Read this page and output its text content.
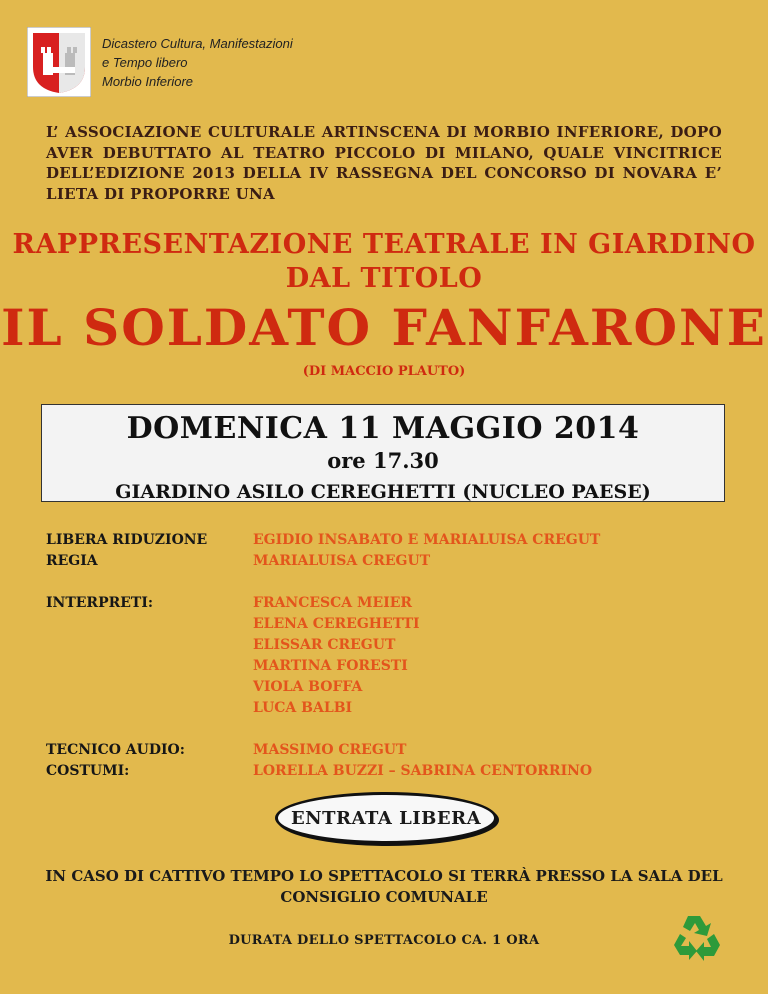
Dicastero Cultura, Manifestazioni
e Tempo libero
Morbio Inferiore
L’ ASSOCIAZIONE CULTURALE ARTINSCENA DI MORBIO INFERIORE, DOPO AVER DEBUTTATO AL TEATRO PICCOLO DI MILANO, QUALE VINCITRICE DELL’EDIZIONE 2013 DELLA IV RASSEGNA DEL CONCORSO DI NOVARA E’ LIETA DI PROPORRE UNA
RAPPRESENTAZIONE TEATRALE IN GIARDINO
DAL TITOLO
IL SOLDATO FANFARONE
(DI MACCIO PLAUTO)
DOMENICA 11 MAGGIO 2014
ore 17.30
GIARDINO ASILO CEREGHETTI (NUCLEO PAESE)
LIBERA RIDUZIONE	EGIDIO INSABATO E MARIALUISA CREGUT
REGIA	MARIALUISA CREGUT
INTERPRETI:	FRANCESCA MEIER
ELENA CEREGHETTI
ELISSAR CREGUT
MARTINA FORESTI
VIOLA BOFFA
LUCA BALBI
TECNICO AUDIO:	MASSIMO CREGUT
COSTUMI:	LORELLA BUZZI – SABRINA CENTORRINO
ENTRATA LIBERA
IN CASO DI CATTIVO TEMPO LO SPETTACOLO SI TERRÀ PRESSO LA SALA DEL CONSIGLIO COMUNALE
DURATA DELLO SPETTACOLO CA. 1 ORA
